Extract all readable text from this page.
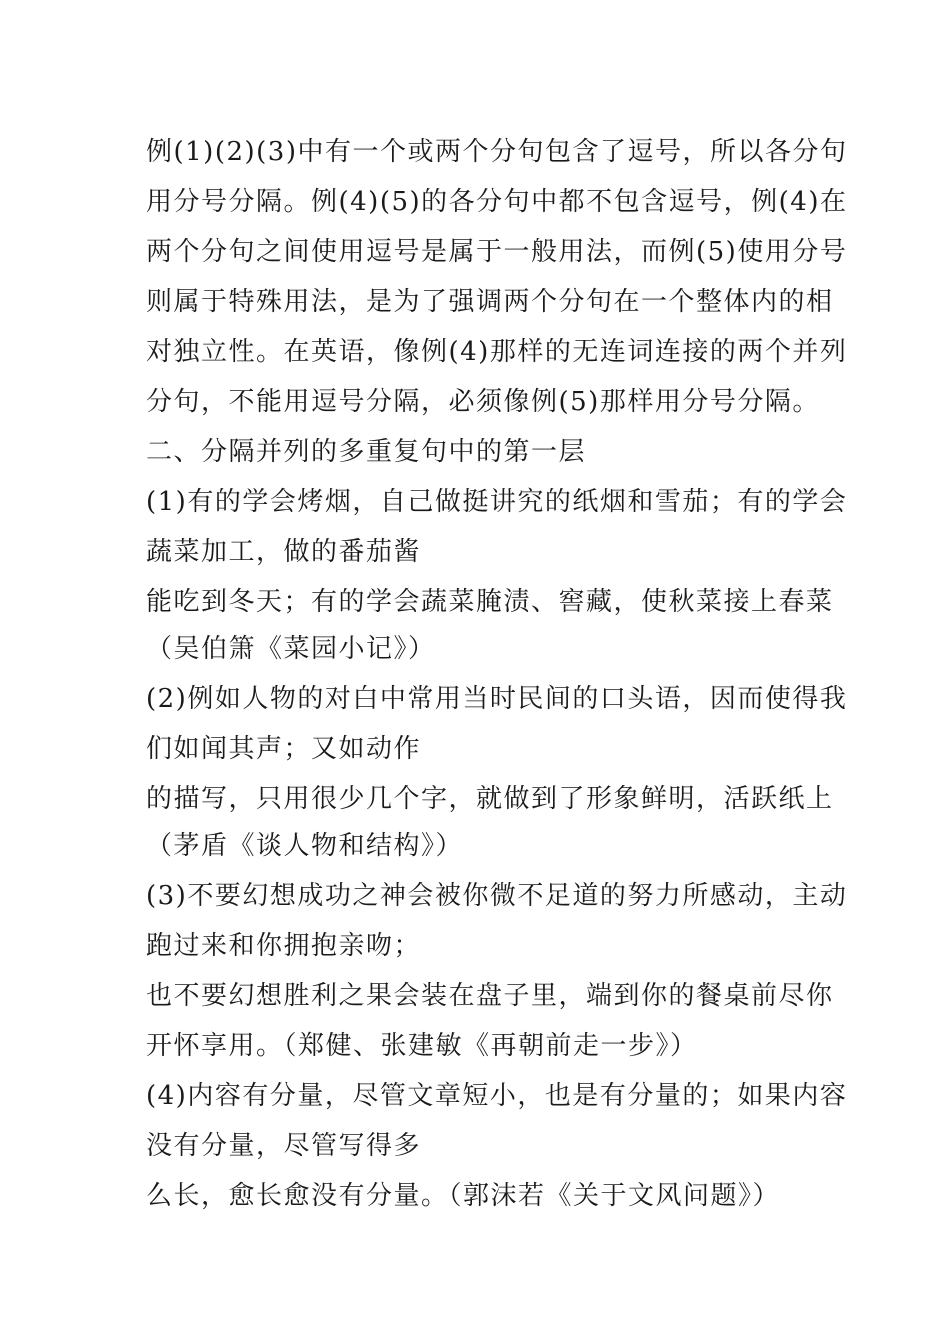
例(1)(2)(3)中有一个或两个分句包含了逗号，所以各分句
用分号分隔。例(4)(5)的各分句中都不包含逗号，例(4)在
两个分句之间使用逗号是属于一般用法，而例(5)使用分号
则属于特殊用法，是为了强调两个分句在一个整体内的相
对独立性。在英语，像例(4)那样的无连词连接的两个并列
分句，不能用逗号分隔，必须像例(5)那样用分号分隔。
二、分隔并列的多重复句中的第一层
(1)有的学会烤烟，自己做挺讲究的纸烟和雪茄；有的学会
蔬菜加工，做的番茄酱
能吃到冬天；有的学会蔬菜腌渍、窖藏，使秋菜接上春菜
（吴伯箫《菜园小记》）
(2)例如人物的对白中常用当时民间的口头语，因而使得我
们如闻其声；又如动作
的描写，只用很少几个字，就做到了形象鲜明，活跃纸上
（茅盾《谈人物和结构》）
(3)不要幻想成功之神会被你微不足道的努力所感动，主动
跑过来和你拥抱亲吻；
也不要幻想胜利之果会装在盘子里，端到你的餐桌前尽你
开怀享用。（郑健、张建敏《再朝前走一步》）
(4)内容有分量，尽管文章短小，也是有分量的；如果内容
没有分量，尽管写得多
么长，愈长愈没有分量。（郭沫若《关于文风问题》）
